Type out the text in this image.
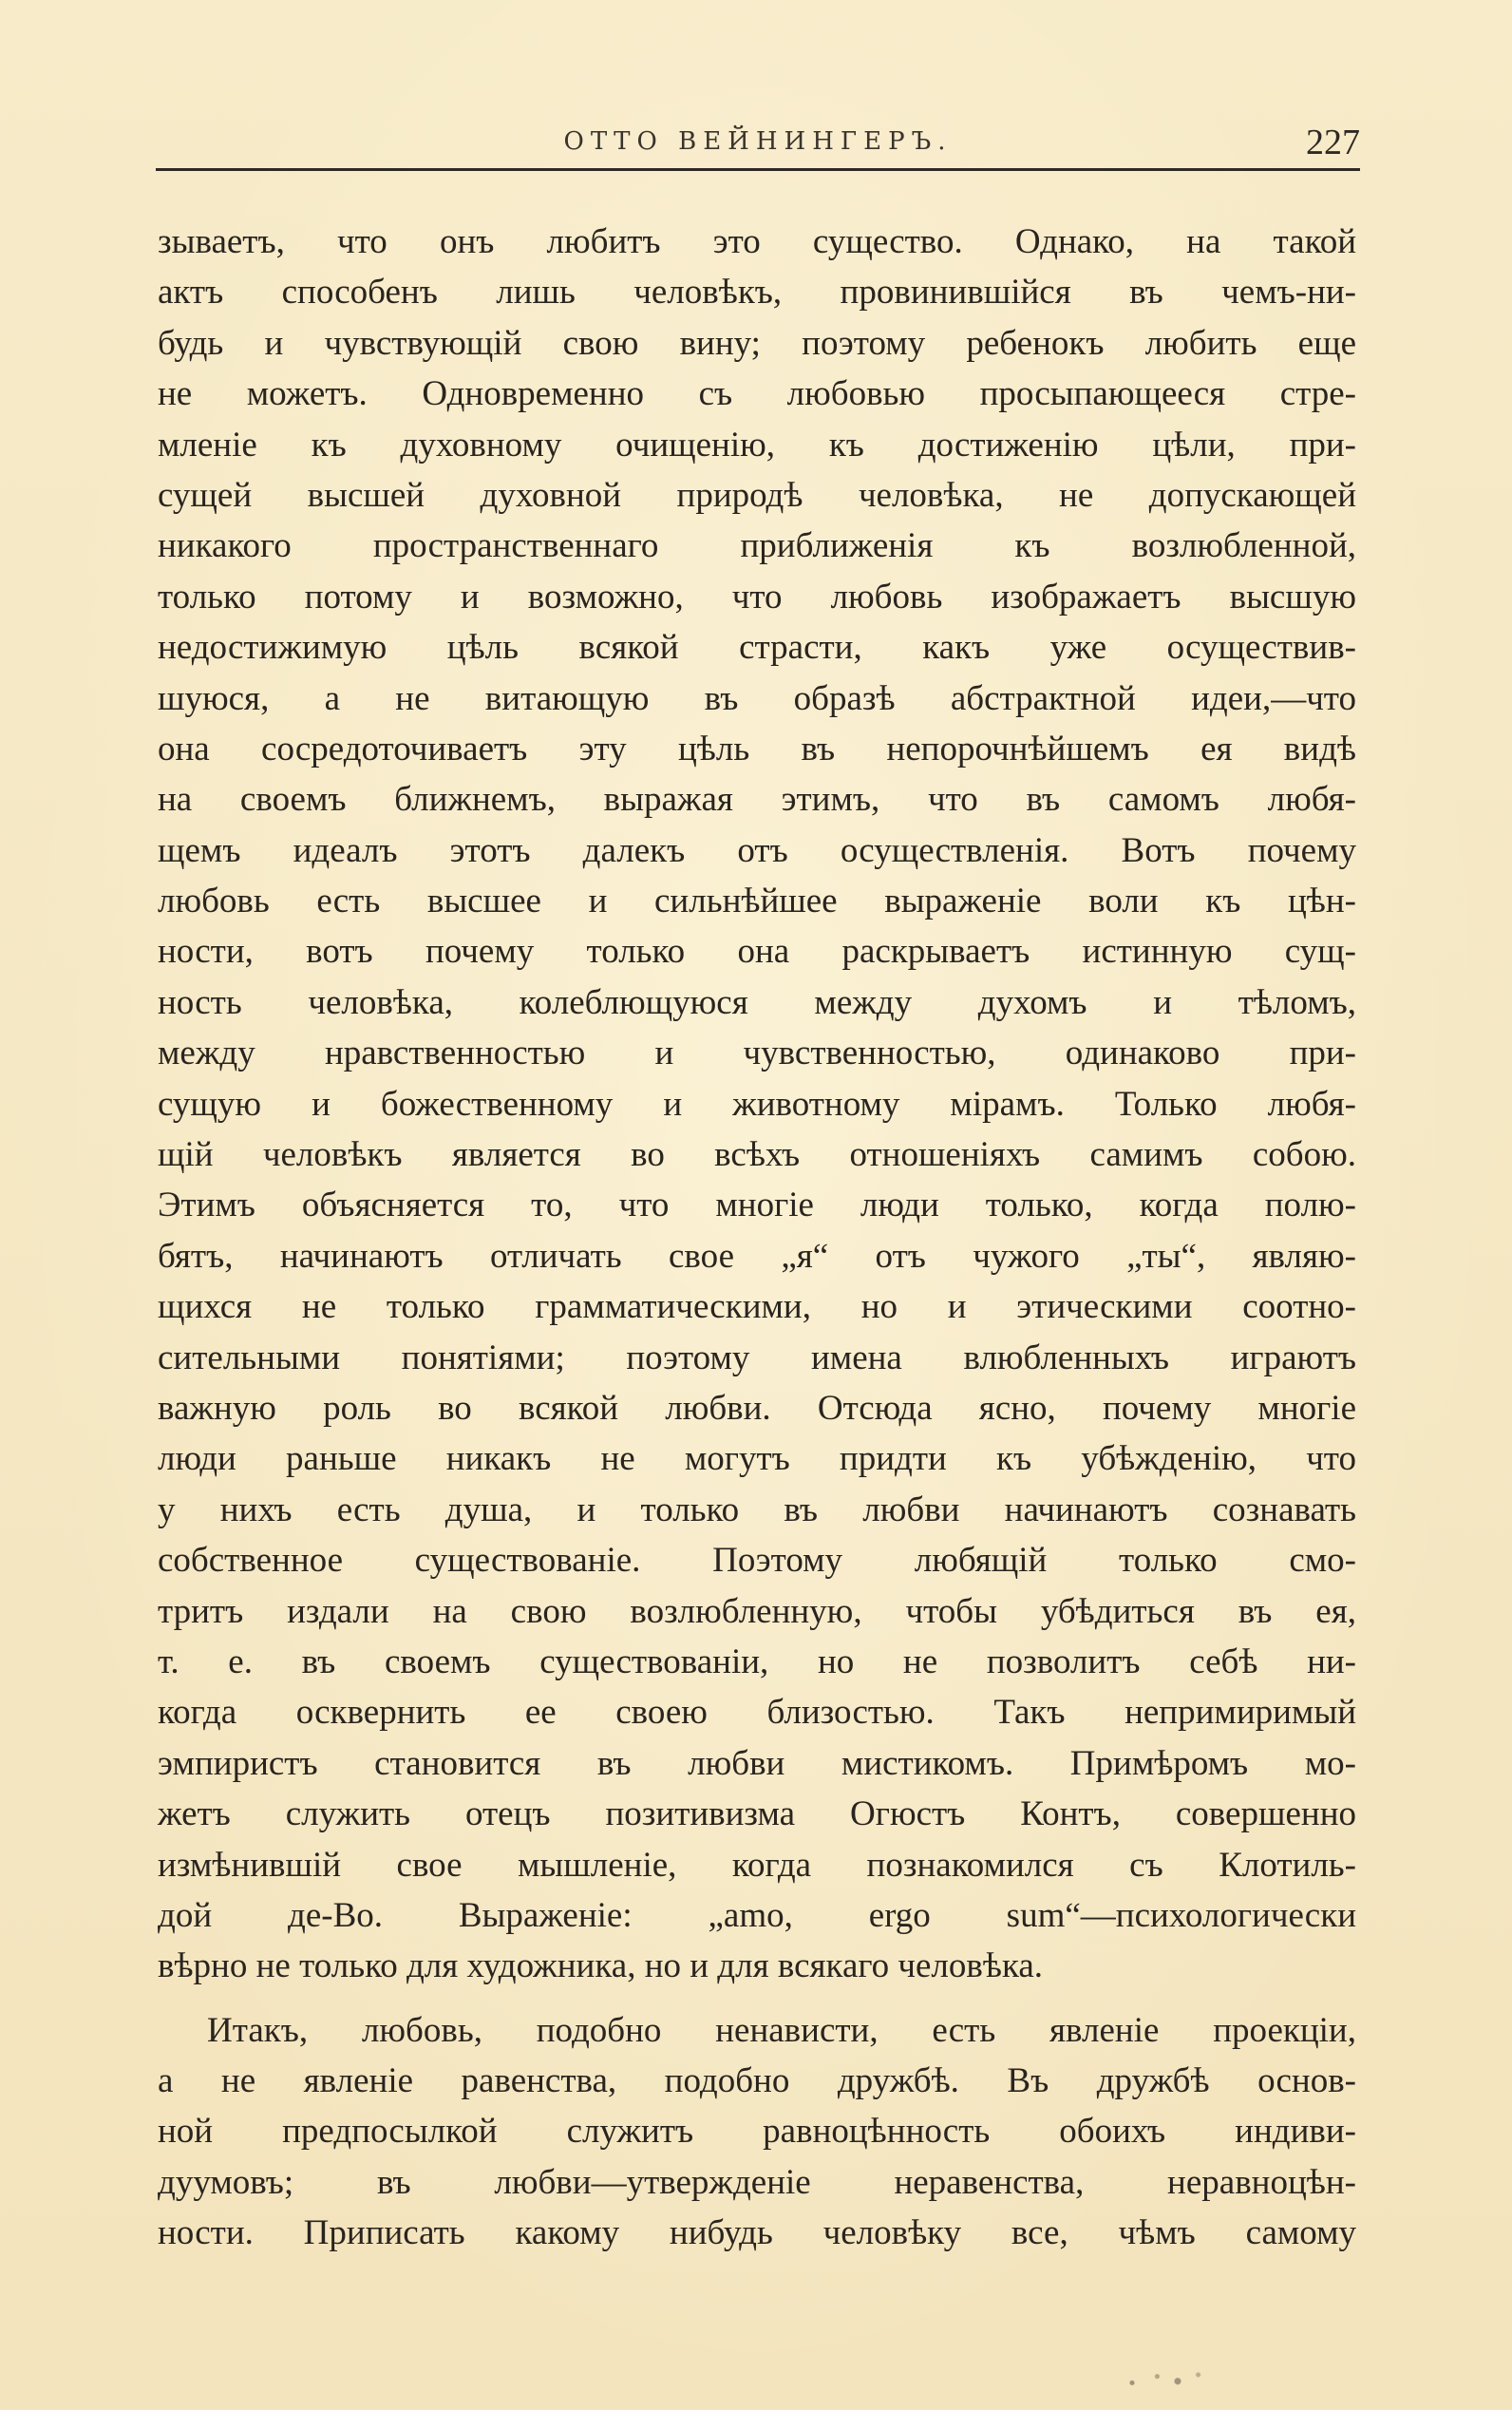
ОТТО ВЕЙНИНГЕРЪ.	227
зываетъ, что онъ любитъ это существо. Однако, на такой
актъ способенъ лишь человѣкъ, провинившійся въ чемъ-ни-
будь и чувствующій свою вину; поэтому ребенокъ любить еще
не можетъ. Одновременно съ любовью просыпающееся стре-
мленіе къ духовному очищенію, къ достиженію цѣли, при-
сущей высшей духовной природѣ человѣка, не допускающей
никакого пространственнаго приближенія къ возлюбленной,
только потому и возможно, что любовь изображаетъ высшую
недостижимую цѣль всякой страсти, какъ уже осуществив-
шуюся, а не витающую въ образѣ абстрактной идеи,—что
она сосредоточиваетъ эту цѣль въ непорочнѣйшемъ ея видѣ
на своемъ ближнемъ, выражая этимъ, что въ самомъ любя-
щемъ идеалъ этотъ далекъ отъ осуществленія. Вотъ почему
любовь есть высшее и сильнѣйшее выраженіе воли къ цѣн-
ности, вотъ почему только она раскрываетъ истинную сущ-
ность человѣка, колеблющуюся между духомъ и тѣломъ,
между нравственностью и чувственностью, одинаково при-
сущую и божественному и животному мірамъ. Только любя-
щій человѣкъ является во всѣхъ отношеніяхъ самимъ собою.
Этимъ объясняется то, что многіе люди только, когда полю-
бятъ, начинаютъ отличать свое „я“ отъ чужого „ты“, являю-
щихся не только грамматическими, но и этическими соотно-
сительными понятіями; поэтому имена влюбленныхъ играютъ
важную роль во всякой любви. Отсюда ясно, почему многіе
люди раньше никакъ не могутъ придти къ убѣжденію, что
у нихъ есть душа, и только въ любви начинаютъ сознавать
собственное существованіе. Поэтому любящій только смо-
тритъ издали на свою возлюбленную, чтобы убѣдиться въ ея,
т. е. въ своемъ существованіи, но не позволитъ себѣ ни-
когда осквернить ее своею близостью. Такъ непримиримый
эмпиристъ становится въ любви мистикомъ. Примѣромъ мо-
жетъ служить отецъ позитивизма Огюстъ Контъ, совершенно
измѣнившій свое мышленіе, когда познакомился съ Клотиль-
дой де-Во. Выраженіе: „amo, ergo sum“—психологически
вѣрно не только для художника, но и для всякаго человѣка.
Итакъ, любовь, подобно ненависти, есть явленіе проекціи,
а не явленіе равенства, подобно дружбѣ. Въ дружбѣ основ-
ной предпосылкой служитъ равноцѣнность обоихъ индиви-
дуумовъ; въ любви—утвержденіе неравенства, неравноцѣн-
ности. Приписать какому нибудь человѣку все, чѣмъ самому
